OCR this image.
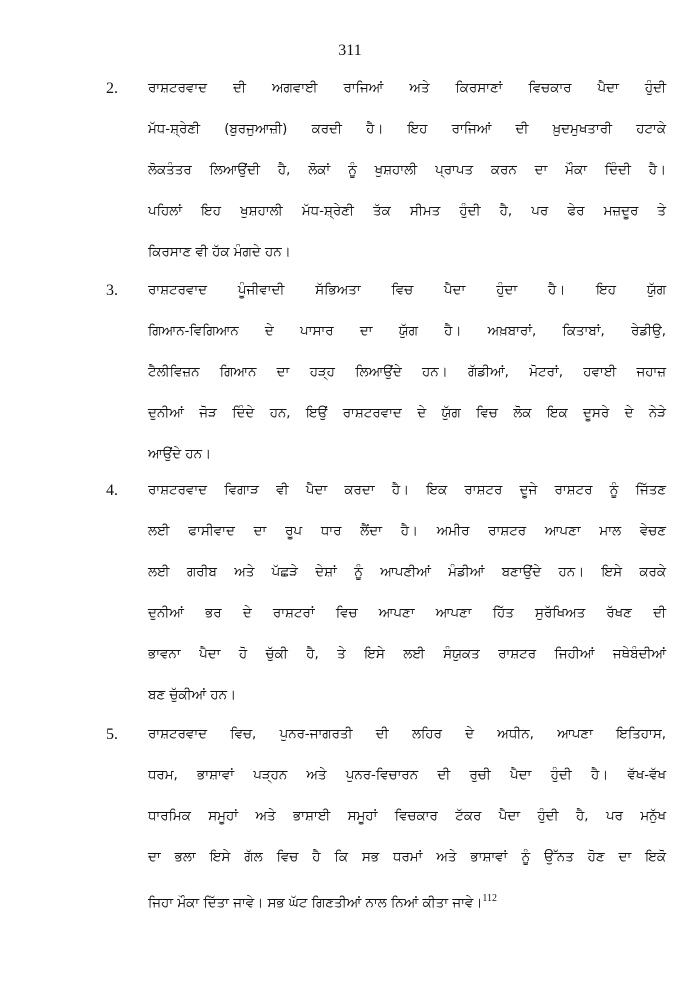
311
2. ਰਾਸ਼ਟਰਵਾਦ ਦੀ ਅਗਵਾਈ ਰਾਜਿਆਂ ਅਤੇ ਕਿਰਸਾਣਾਂ ਵਿਚਕਾਰ ਪੈਦਾ ਹੁੰਦੀ
ਮੱਧ-ਸ਼੍ਰੇਣੀ (ਬੁਰਜੁਆਜ਼ੀ) ਕਰਦੀ ਹੈ। ਇਹ ਰਾਜਿਆਂ ਦੀ ਖ਼ੁਦਮੁਖਤਾਰੀ ਹਟਾਕੇ
ਲੋਕਤੰਤਰ ਲਿਆਉਂਦੀ ਹੈ, ਲੋਕਾਂ ਨੂੰ ਖੁਸ਼ਹਾਲੀ ਪ੍ਰਾਪਤ ਕਰਨ ਦਾ ਮੌਕਾ ਦਿੰਦੀ ਹੈ।
ਪਹਿਲਾਂ ਇਹ ਖੁਸ਼ਹਾਲੀ ਮੱਧ-ਸ਼੍ਰੇਣੀ ਤੱਕ ਸੀਮਤ ਹੁੰਦੀ ਹੈ, ਪਰ ਫੇਰ ਮਜ਼ਦੂਰ ਤੇ
ਕਿਰਸਾਣ ਵੀ ਹੱਕ ਮੰਗਦੇ ਹਨ।
3. ਰਾਸ਼ਟਰਵਾਦ ਪੂੰਜੀਵਾਦੀ ਸੱਭਿਅਤਾ ਵਿਚ ਪੈਦਾ ਹੁੰਦਾ ਹੈ। ਇਹ ਯੁੱਗ
ਗਿਆਨ-ਵਿਗਿਆਨ ਦੇ ਪਾਸਾਰ ਦਾ ਯੁੱਗ ਹੈ। ਅਖ਼ਬਾਰਾਂ, ਕਿਤਾਬਾਂ, ਰੇਡੀਉ,
ਟੈਲੀਵਿਜ਼ਨ ਗਿਆਨ ਦਾ ਹੜ੍ਹ ਲਿਆਉਂਦੇ ਹਨ। ਗੱਡੀਆਂ, ਮੋਟਰਾਂ, ਹਵਾਈ ਜਹਾਜ਼
ਦੁਨੀਆਂ ਜੋੜ ਦਿੰਦੇ ਹਨ, ਇਉਂ ਰਾਸ਼ਟਰਵਾਦ ਦੇ ਯੁੱਗ ਵਿਚ ਲੋਕ ਇਕ ਦੂਸਰੇ ਦੇ ਨੇੜੇ
ਆਉਂਦੇ ਹਨ।
4. ਰਾਸ਼ਟਰਵਾਦ ਵਿਗਾੜ ਵੀ ਪੈਦਾ ਕਰਦਾ ਹੈ। ਇਕ ਰਾਸ਼ਟਰ ਦੂਜੇ ਰਾਸ਼ਟਰ ਨੂੰ ਜਿੱਤਣ
ਲਈ ਫਾਸੀਵਾਦ ਦਾ ਰੂਪ ਧਾਰ ਲੈਂਦਾ ਹੈ। ਅਮੀਰ ਰਾਸ਼ਟਰ ਆਪਣਾ ਮਾਲ ਵੇਚਣ
ਲਈ ਗਰੀਬ ਅਤੇ ਪੱਛੜੇ ਦੇਸ਼ਾਂ ਨੂੰ ਆਪਣੀਆਂ ਮੰਡੀਆਂ ਬਣਾਉਂਦੇ ਹਨ। ਇਸੇ ਕਰਕੇ
ਦੁਨੀਆਂ ਭਰ ਦੇ ਰਾਸ਼ਟਰਾਂ ਵਿਚ ਆਪਣਾ ਆਪਣਾ ਹਿੱਤ ਸੁਰੱਖਿਅਤ ਰੱਖਣ ਦੀ
ਭਾਵਨਾ ਪੈਦਾ ਹੋ ਚੁੱਕੀ ਹੈ, ਤੇ ਇਸੇ ਲਈ ਸੰਯੁਕਤ ਰਾਸ਼ਟਰ ਜਿਹੀਆਂ ਜਥੇਬੰਦੀਆਂ
ਬਣ ਚੁੱਕੀਆਂ ਹਨ।
5. ਰਾਸ਼ਟਰਵਾਦ ਵਿਚ, ਪੁਨਰ-ਜਾਗਰਤੀ ਦੀ ਲਹਿਰ ਦੇ ਅਧੀਨ, ਆਪਣਾ ਇਤਿਹਾਸ,
ਧਰਮ, ਭਾਸ਼ਾਵਾਂ ਪੜ੍ਹਨ ਅਤੇ ਪੁਨਰ-ਵਿਚਾਰਨ ਦੀ ਰੁਚੀ ਪੈਦਾ ਹੁੰਦੀ ਹੈ। ਵੱਖ-ਵੱਖ
ਧਾਰਮਿਕ ਸਮੂਹਾਂ ਅਤੇ ਭਾਸ਼ਾਈ ਸਮੂਹਾਂ ਵਿਚਕਾਰ ਟੱਕਰ ਪੈਦਾ ਹੁੰਦੀ ਹੈ, ਪਰ ਮਨੁੱਖ
ਦਾ ਭਲਾ ਇਸੇ ਗੱਲ ਵਿਚ ਹੈ ਕਿ ਸਭ ਧਰਮਾਂ ਅਤੇ ਭਾਸ਼ਾਵਾਂ ਨੂੰ ਉੱਨਤ ਹੋਣ ਦਾ ਇਕੋ
ਜਿਹਾ ਮੌਕਾ ਦਿੱਤਾ ਜਾਵੇ। ਸਭ ਘੱਟ ਗਿਣਤੀਆਂ ਨਾਲ ਨਿਆਂ ਕੀਤਾ ਜਾਵੇ।$^{112}$
